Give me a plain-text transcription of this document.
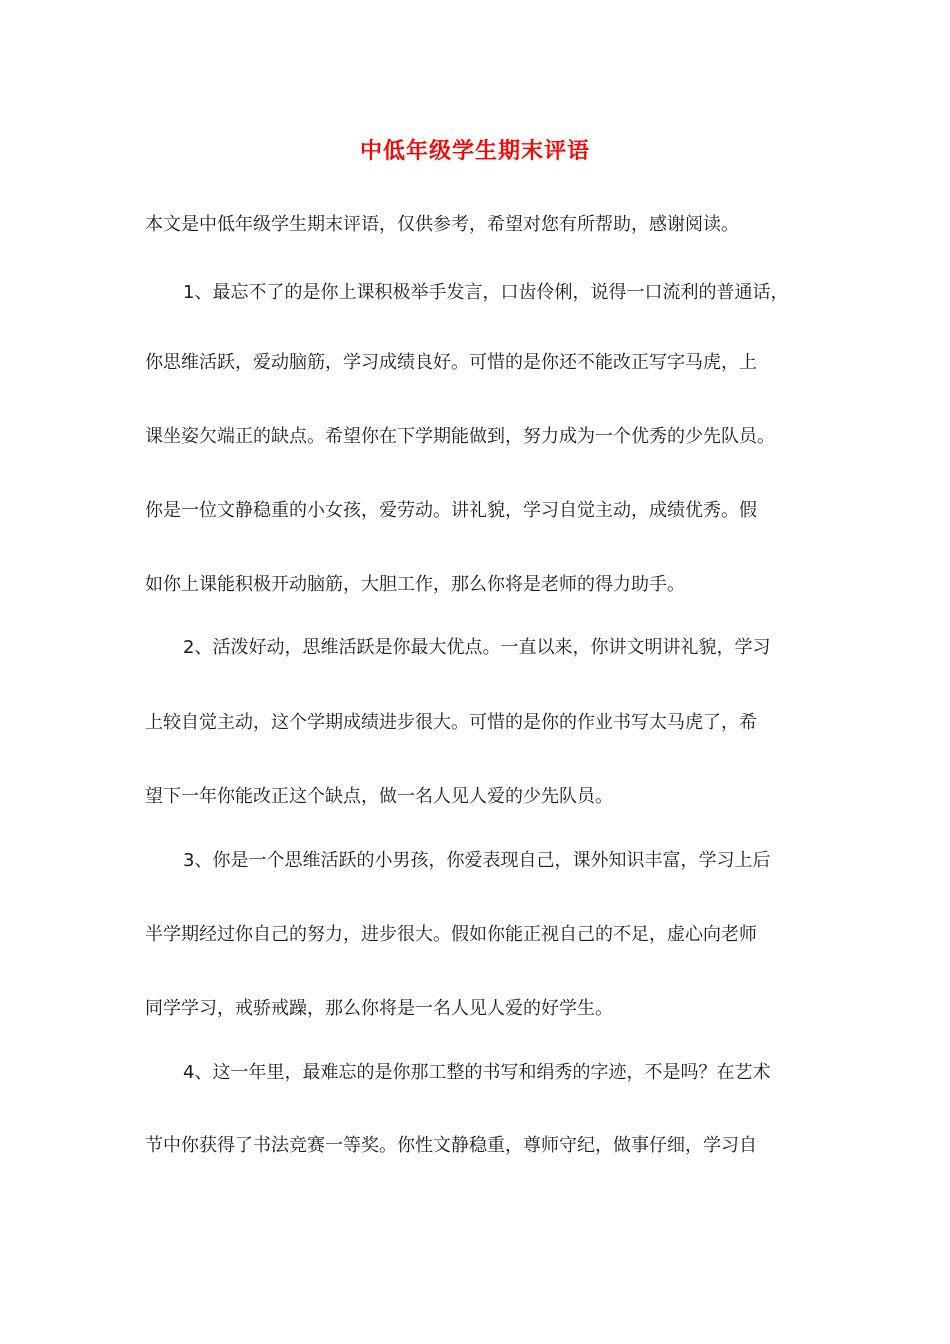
中低年级学生期末评语
本文是中低年级学生期末评语，仅供参考，希望对您有所帮助，感谢阅读。
1、最忘不了的是你上课积极举手发言，口齿伶俐，说得一口流利的普通话，
你思维活跃，爱动脑筋，学习成绩良好。可惜的是你还不能改正写字马虎，上
课坐姿欠端正的缺点。希望你在下学期能做到，努力成为一个优秀的少先队员。
你是一位文静稳重的小女孩，爱劳动。讲礼貌，学习自觉主动，成绩优秀。假
如你上课能积极开动脑筋，大胆工作，那么你将是老师的得力助手。
2、活泼好动，思维活跃是你最大优点。一直以来，你讲文明讲礼貌，学习
上较自觉主动，这个学期成绩进步很大。可惜的是你的作业书写太马虎了，希
望下一年你能改正这个缺点，做一名人见人爱的少先队员。
3、你是一个思维活跃的小男孩，你爱表现自己，课外知识丰富，学习上后
半学期经过你自己的努力，进步很大。假如你能正视自己的不足，虚心向老师
同学学习，戒骄戒躁，那么你将是一名人见人爱的好学生。
4、这一年里，最难忘的是你那工整的书写和绢秀的字迹，不是吗？在艺术
节中你获得了书法竞赛一等奖。你性文静稳重，尊师守纪，做事仔细，学习自
